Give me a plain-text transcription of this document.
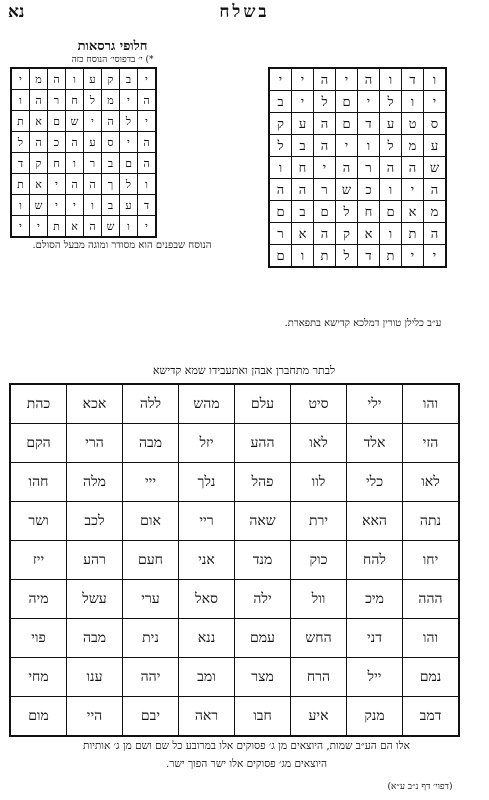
נא	בשלח
חלופי גרסאות
*) י׳ בדפוסי׳ הנוסח כזה
י	ב	ק	ע	ו	ה	מ	י
ה	י	מ	ל	ח	ר	ה	ו
י	ל	ה	י	ש	ם	א	ת
ה	י	ס	ע	ה	כ	ה	ל
ה	ם	ב	ר	ו	ח	ק	ד
ו	ל	ך	ה	ה	י	א	ת
ד	ע	ב	ו	י	י	ש	ו
י	ו	ש	ה	א	ת	י	י
ו	ד	ו	ה	י	ה	י	י
י	ו	ל	י	ם	ל	י	ב
ס	ט	ע	ד	ם	ה	ע	ק
ע	מ	ל	ו	י	ה	ב	ל
ש	ה	ה	ר	ה	י	ח	ו
ה	י	ו	כ	ש	ר	ה	ה
מ	א	ם	ח	ל	ם	ב	ם
ה	ת	ו	א	ק	ה	א	ר
י	י	ת	ד	ל	ת	ו	ם
הנוסח שבפנים הוא מסודר ומוגה מבעל הסולם.
ע״ב כלילן טורין דמלכא קדישא בתפארת.
לבתר מתחברן אבהן ואתעבידו שמא קדישא
והו	ילי	סיט	עלם	מהש	ללה	אכא	כהת
הזי	אלד	לאו	ההע	יזל	מבה	הרי	הקם
לאו	כלי	לוו	פהל	נלך	ייי	מלה	חהו
נתה	האא	ירת	שאה	ריי	אום	לכב	ושר
יחו	להח	כוק	מנד	אני	חעם	רהע	ייז
ההה	מיכ	וול	ילה	סאל	ערי	עשל	מיה
והו	דני	החש	עמם	ננא	נית	מבה	פוי
נמם	ייל	הרח	מצר	ומב	יהה	ענו	מחי
דמב	מנק	איע	חבו	ראה	יבם	היי	מום
אלו הם הע״ב שמות, היוצאים מן ג׳ פסוקים אלו במרובע כל שם ושם מן ג׳ אותיות
היוצאים מג׳ פסוקים אלו ישר הפוך ישר.
(דפוי׳ דף נ״ב ע״א)
